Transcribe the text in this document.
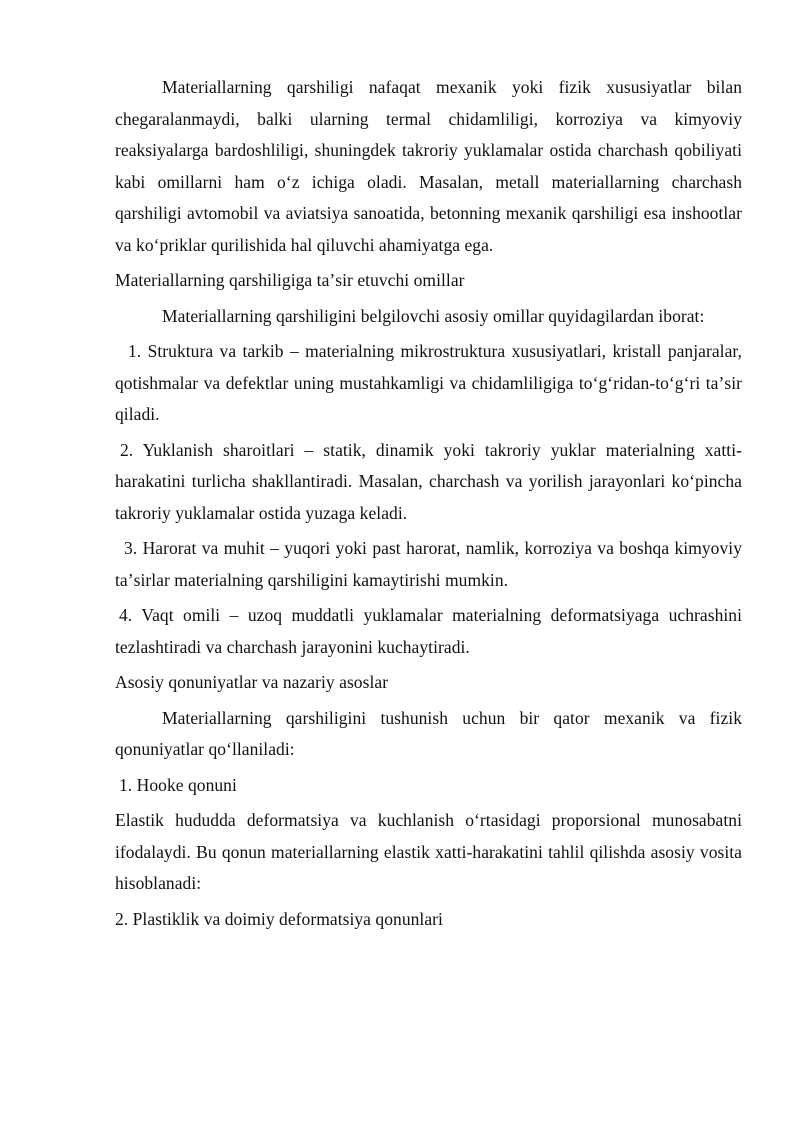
Materiallarning qarshiligi nafaqat mexanik yoki fizik xususiyatlar bilan chegaralanmaydi, balki ularning termal chidamliligi, korroziya va kimyoviy reaksiyalarga bardoshliligi, shuningdek takroriy yuklamalar ostida charchash qobiliyati kabi omillarni ham oʻz ichiga oladi. Masalan, metall materiallarning charchash qarshiligi avtomobil va aviatsiya sanoatida, betonning mexanik qarshiligi esa inshootlar va koʻpriklar qurilishida hal qiluvchi ahamiyatga ega.

Materiallarning qarshiligiga taʼsir etuvchi omillar

Materiallarning qarshiligini belgilovchi asosiy omillar quyidagilardan iborat:

1. Struktura va tarkib – materialning mikrostruktura xususiyatlari, kristall panjaralar, qotishmalar va defektlar uning mustahkamligi va chidamliligiga toʻgʻridan-toʻgʻri taʼsir qiladi.

2. Yuklanish sharoitlari – statik, dinamik yoki takroriy yuklar materialning xatti-harakatini turlicha shakllantiradi. Masalan, charchash va yorilish jarayonlari koʻpincha takroriy yuklamalar ostida yuzaga keladi.

3. Harorat va muhit – yuqori yoki past harorat, namlik, korroziya va boshqa kimyoviy taʼsirlar materialning qarshiligini kamaytirishi mumkin.

4. Vaqt omili – uzoq muddatli yuklamalar materialning deformatsiyaga uchrashini tezlashtiradi va charchash jarayonini kuchaytiradi.

Asosiy qonuniyatlar va nazariy asoslar

Materiallarning qarshiligini tushunish uchun bir qator mexanik va fizik qonuniyatlar qoʻllaniladi:

1. Hooke qonuni

Elastik hududda deformatsiya va kuchlanish oʻrtasidagi proporsional munosabatni ifodalaydi. Bu qonun materiallarning elastik xatti-harakatini tahlil qilishda asosiy vosita hisoblanadi:

2. Plastiklik va doimiy deformatsiya qonunlari
